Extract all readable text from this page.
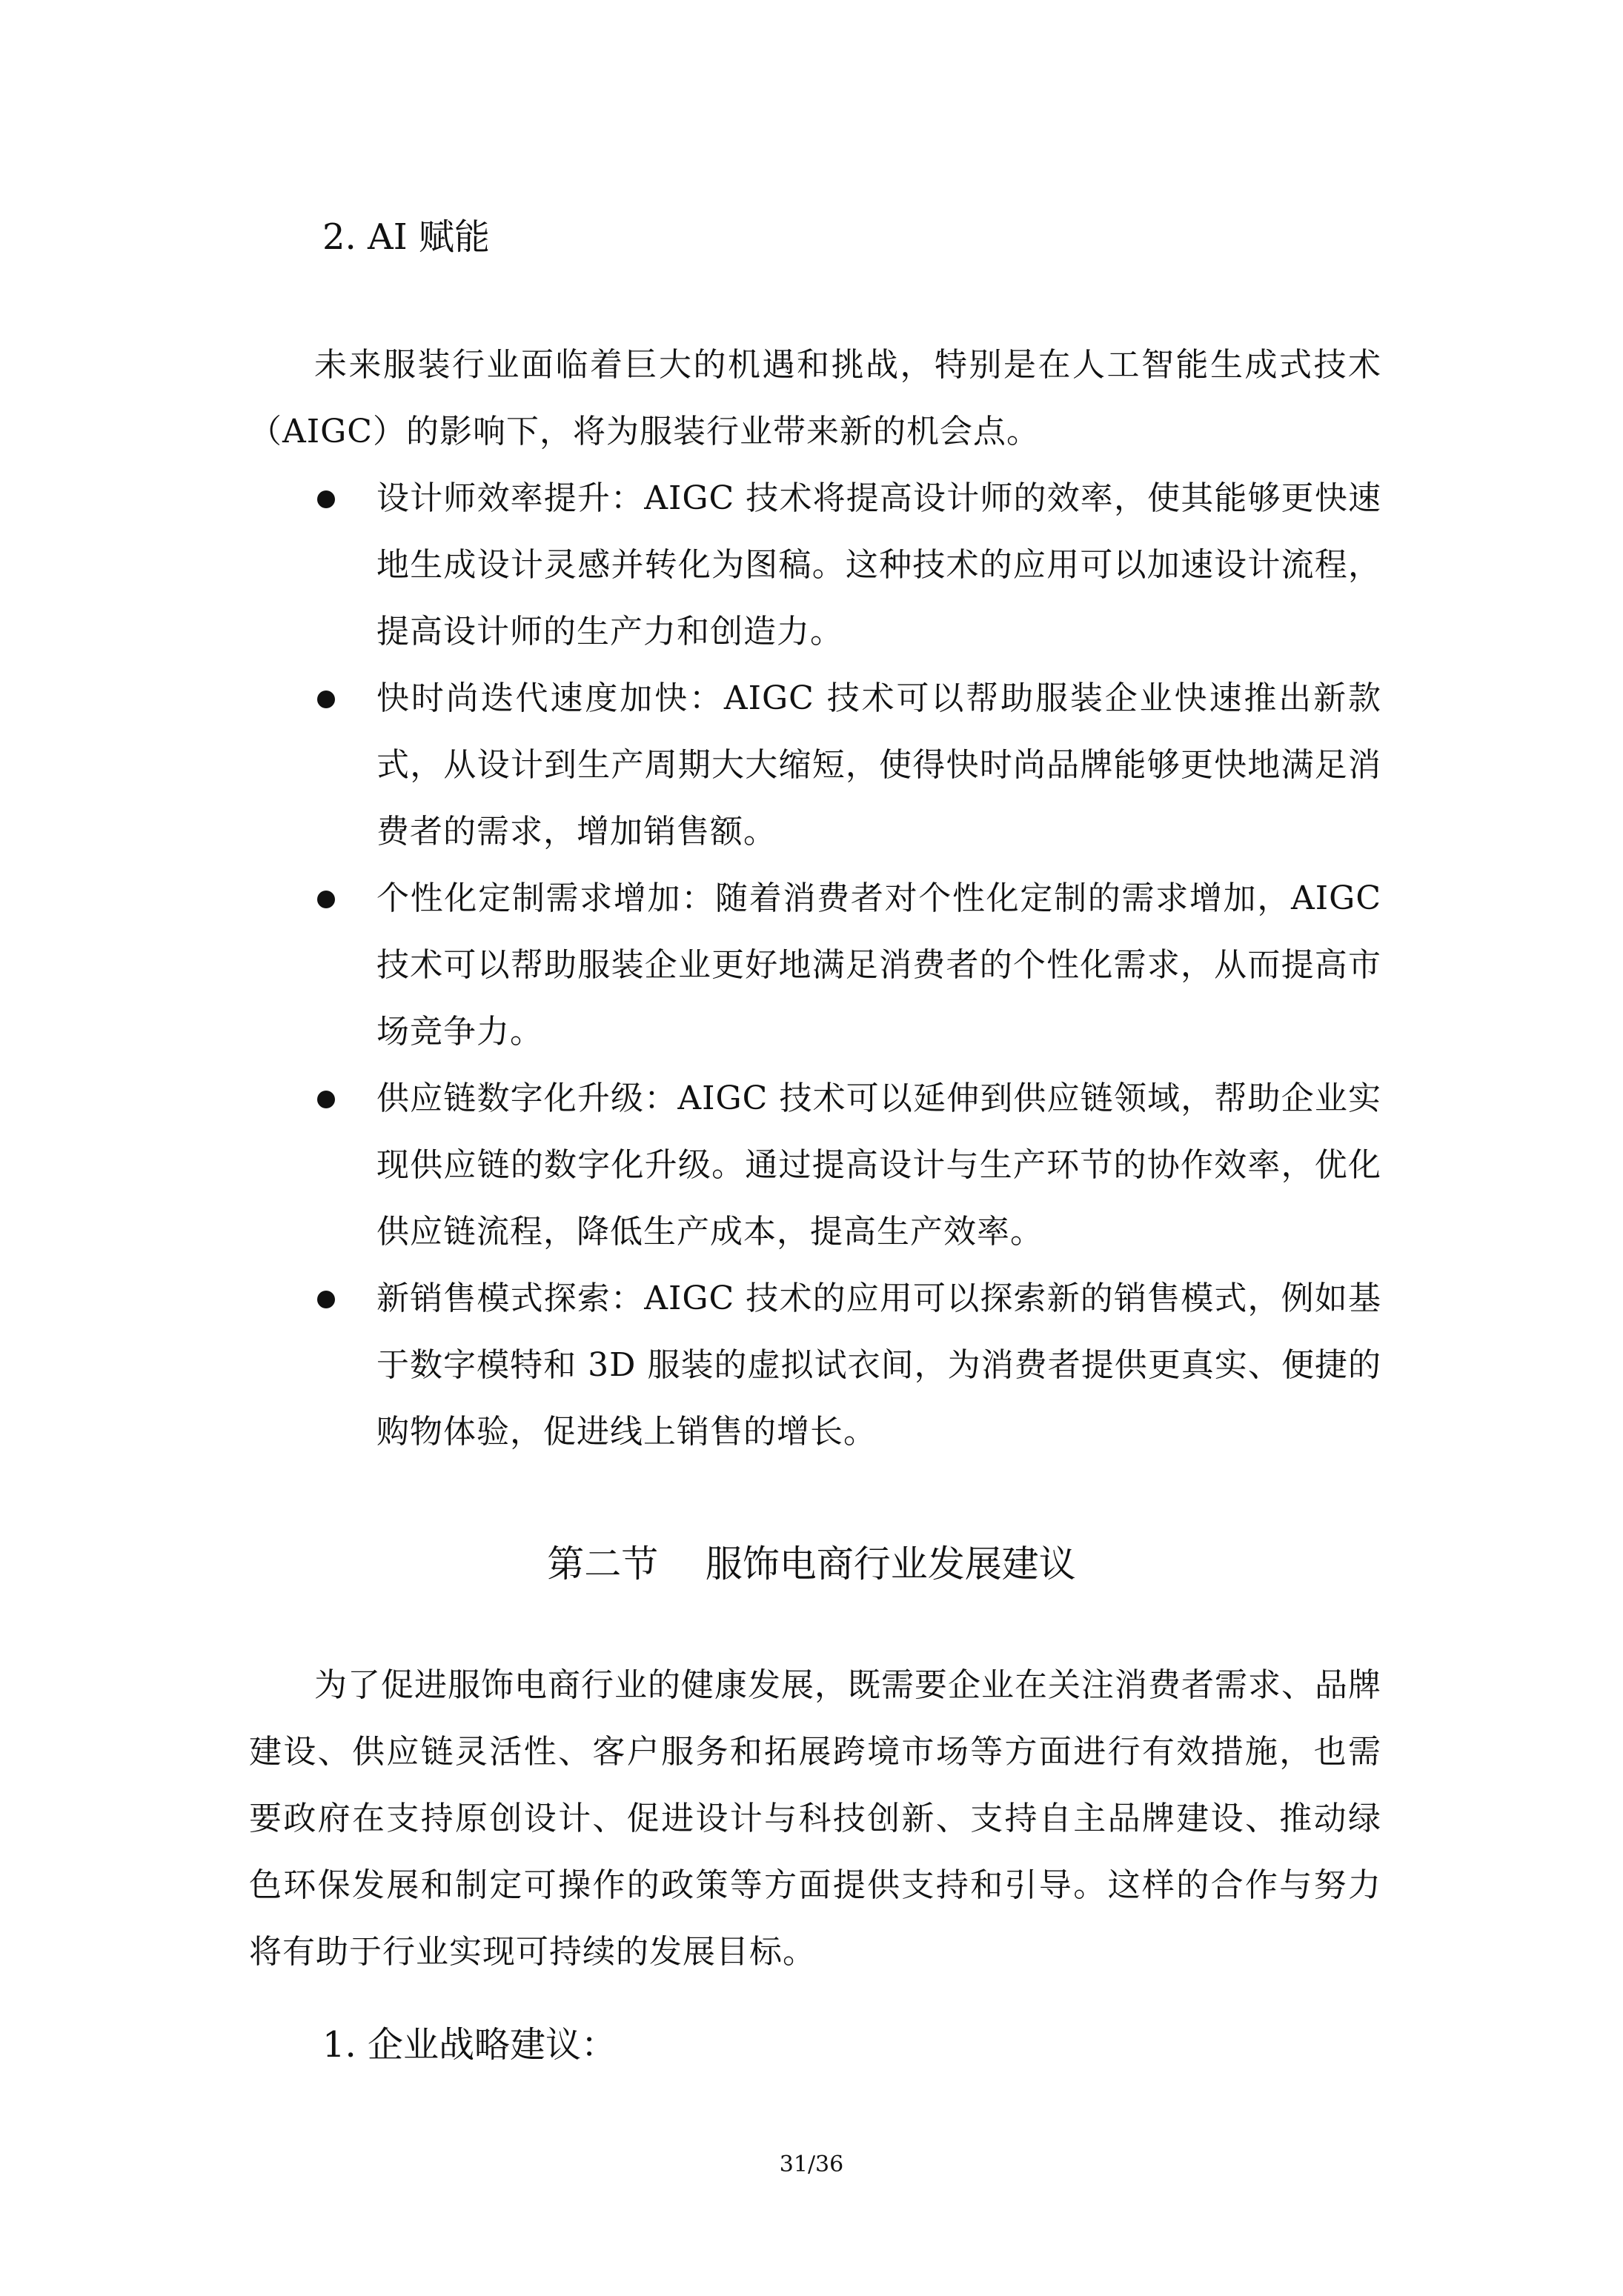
2. AI 赋能
未来服装行业面临着巨大的机遇和挑战，特别是在人工智能生成式技术（AIGC）的影响下，将为服装行业带来新的机会点。
设计师效率提升：AIGC 技术将提高设计师的效率，使其能够更快速地生成设计灵感并转化为图稿。这种技术的应用可以加速设计流程，提高设计师的生产力和创造力。
快时尚迭代速度加快：AIGC 技术可以帮助服装企业快速推出新款式，从设计到生产周期大大缩短，使得快时尚品牌能够更快地满足消费者的需求，增加销售额。
个性化定制需求增加：随着消费者对个性化定制的需求增加，AIGC 技术可以帮助服装企业更好地满足消费者的个性化需求，从而提高市场竞争力。
供应链数字化升级：AIGC 技术可以延伸到供应链领域，帮助企业实现供应链的数字化升级。通过提高设计与生产环节的协作效率，优化供应链流程，降低生产成本，提高生产效率。
新销售模式探索：AIGC 技术的应用可以探索新的销售模式，例如基于数字模特和 3D 服装的虚拟试衣间，为消费者提供更真实、便捷的购物体验，促进线上销售的增长。
第二节    服饰电商行业发展建议
为了促进服饰电商行业的健康发展，既需要企业在关注消费者需求、品牌建设、供应链灵活性、客户服务和拓展跨境市场等方面进行有效措施，也需要政府在支持原创设计、促进设计与科技创新、支持自主品牌建设、推动绿色环保发展和制定可操作的政策等方面提供支持和引导。这样的合作与努力将有助于行业实现可持续的发展目标。
1. 企业战略建议：
31/36
